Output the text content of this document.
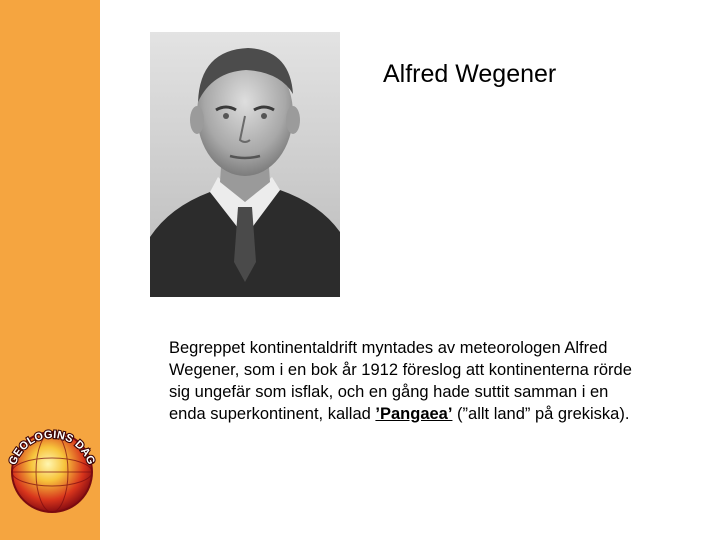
GEOLOGINS DAG
Alfred Wegener

Begreppet kontinentaldrift myntades av meteorologen Alfred Wegener, som i en bok år 1912 föreslog att kontinenterna rörde sig ungefär som isflak, och en gång hade suttit samman i en enda superkontinent, kallad ’Pangaea’ (”allt land” på grekiska).
